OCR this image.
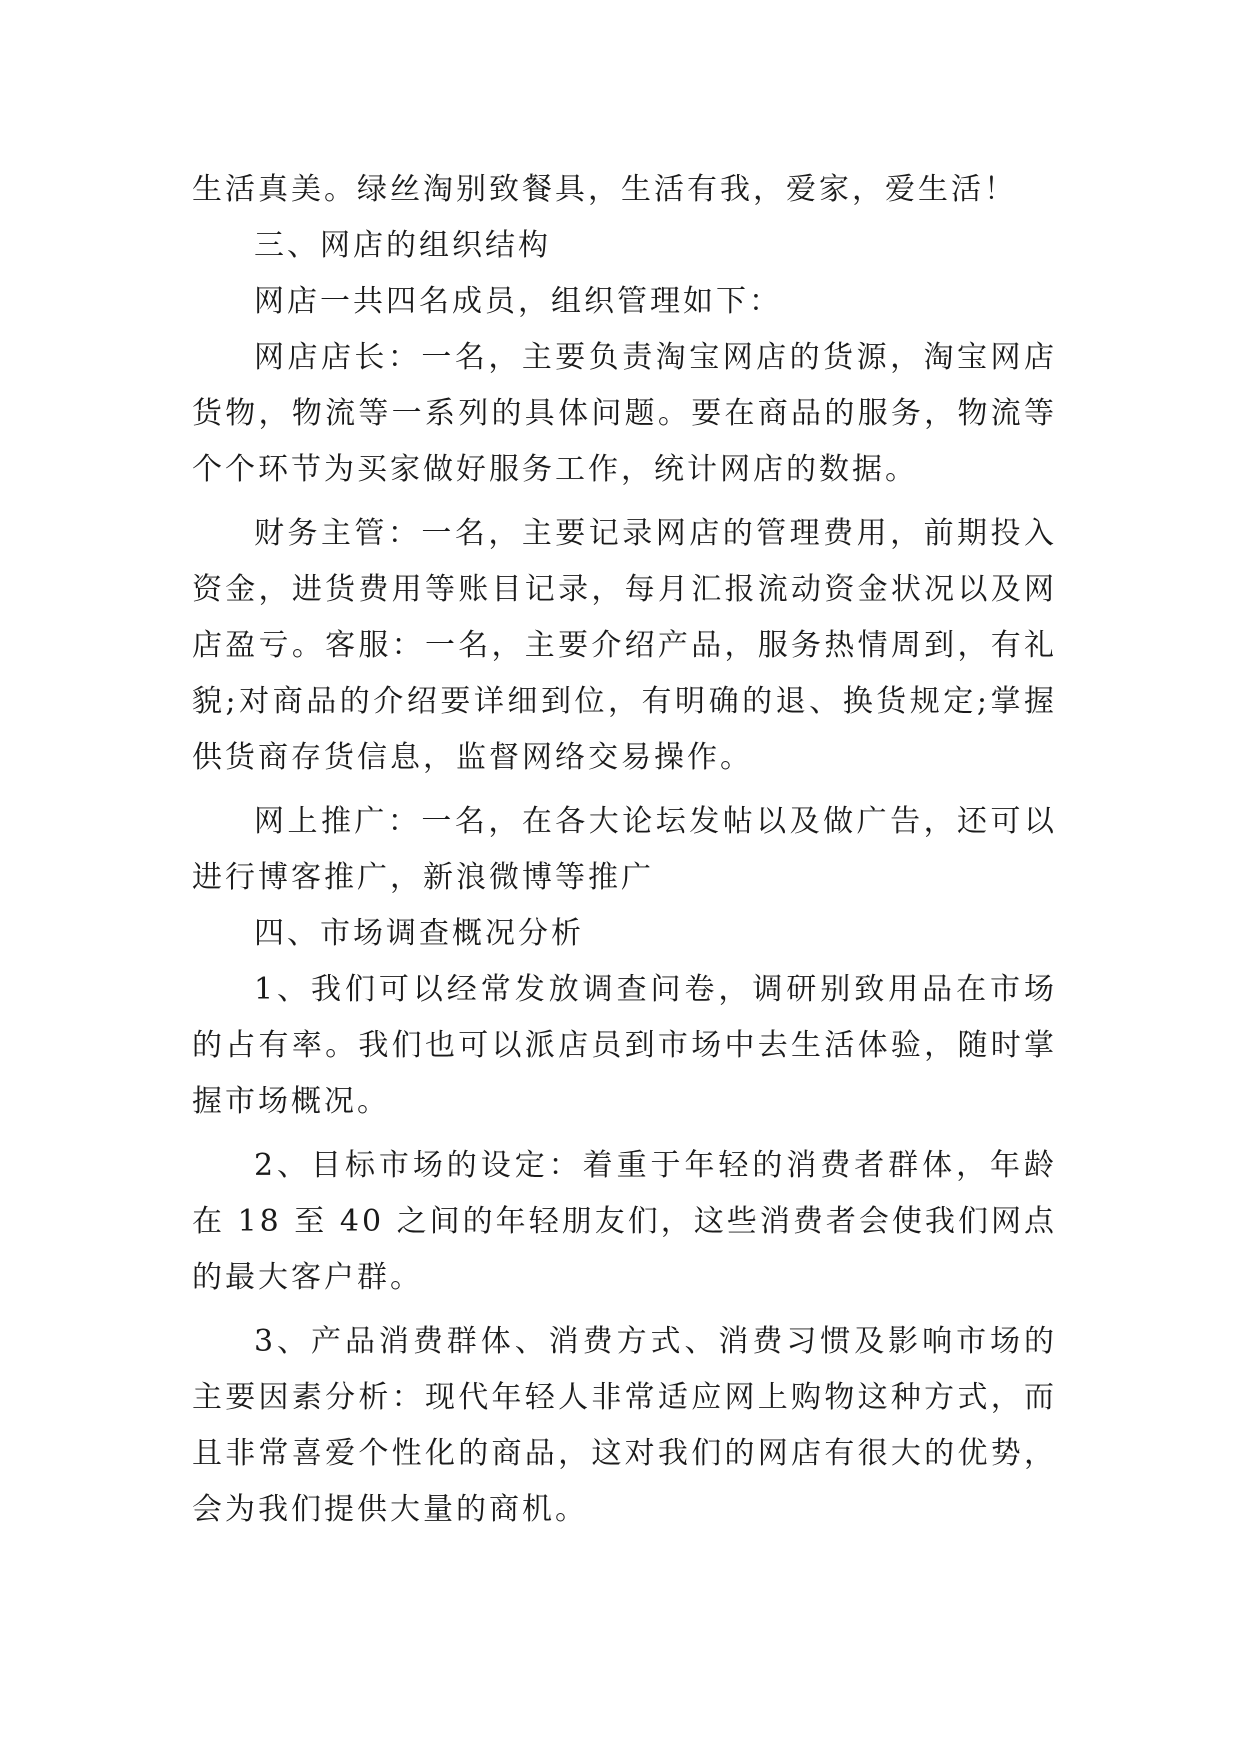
生活真美。绿丝淘别致餐具，生活有我，爱家，爱生活！

三、网店的组织结构

网店一共四名成员，组织管理如下：

网店店长：一名，主要负责淘宝网店的货源，淘宝网店货物，物流等一系列的具体问题。要在商品的服务，物流等个个环节为买家做好服务工作，统计网店的数据。

财务主管：一名，主要记录网店的管理费用，前期投入资金，进货费用等账目记录，每月汇报流动资金状况以及网店盈亏。客服：一名，主要介绍产品，服务热情周到，有礼貌;对商品的介绍要详细到位，有明确的退、换货规定;掌握供货商存货信息，监督网络交易操作。

网上推广：一名，在各大论坛发帖以及做广告，还可以进行博客推广，新浪微博等推广

四、市场调查概况分析

1、我们可以经常发放调查问卷，调研别致用品在市场的占有率。我们也可以派店员到市场中去生活体验，随时掌握市场概况。

2、目标市场的设定：着重于年轻的消费者群体，年龄在 18 至 40 之间的年轻朋友们，这些消费者会使我们网点的最大客户群。

3、产品消费群体、消费方式、消费习惯及影响市场的主要因素分析：现代年轻人非常适应网上购物这种方式，而且非常喜爱个性化的商品，这对我们的网店有很大的优势，会为我们提供大量的商机。
